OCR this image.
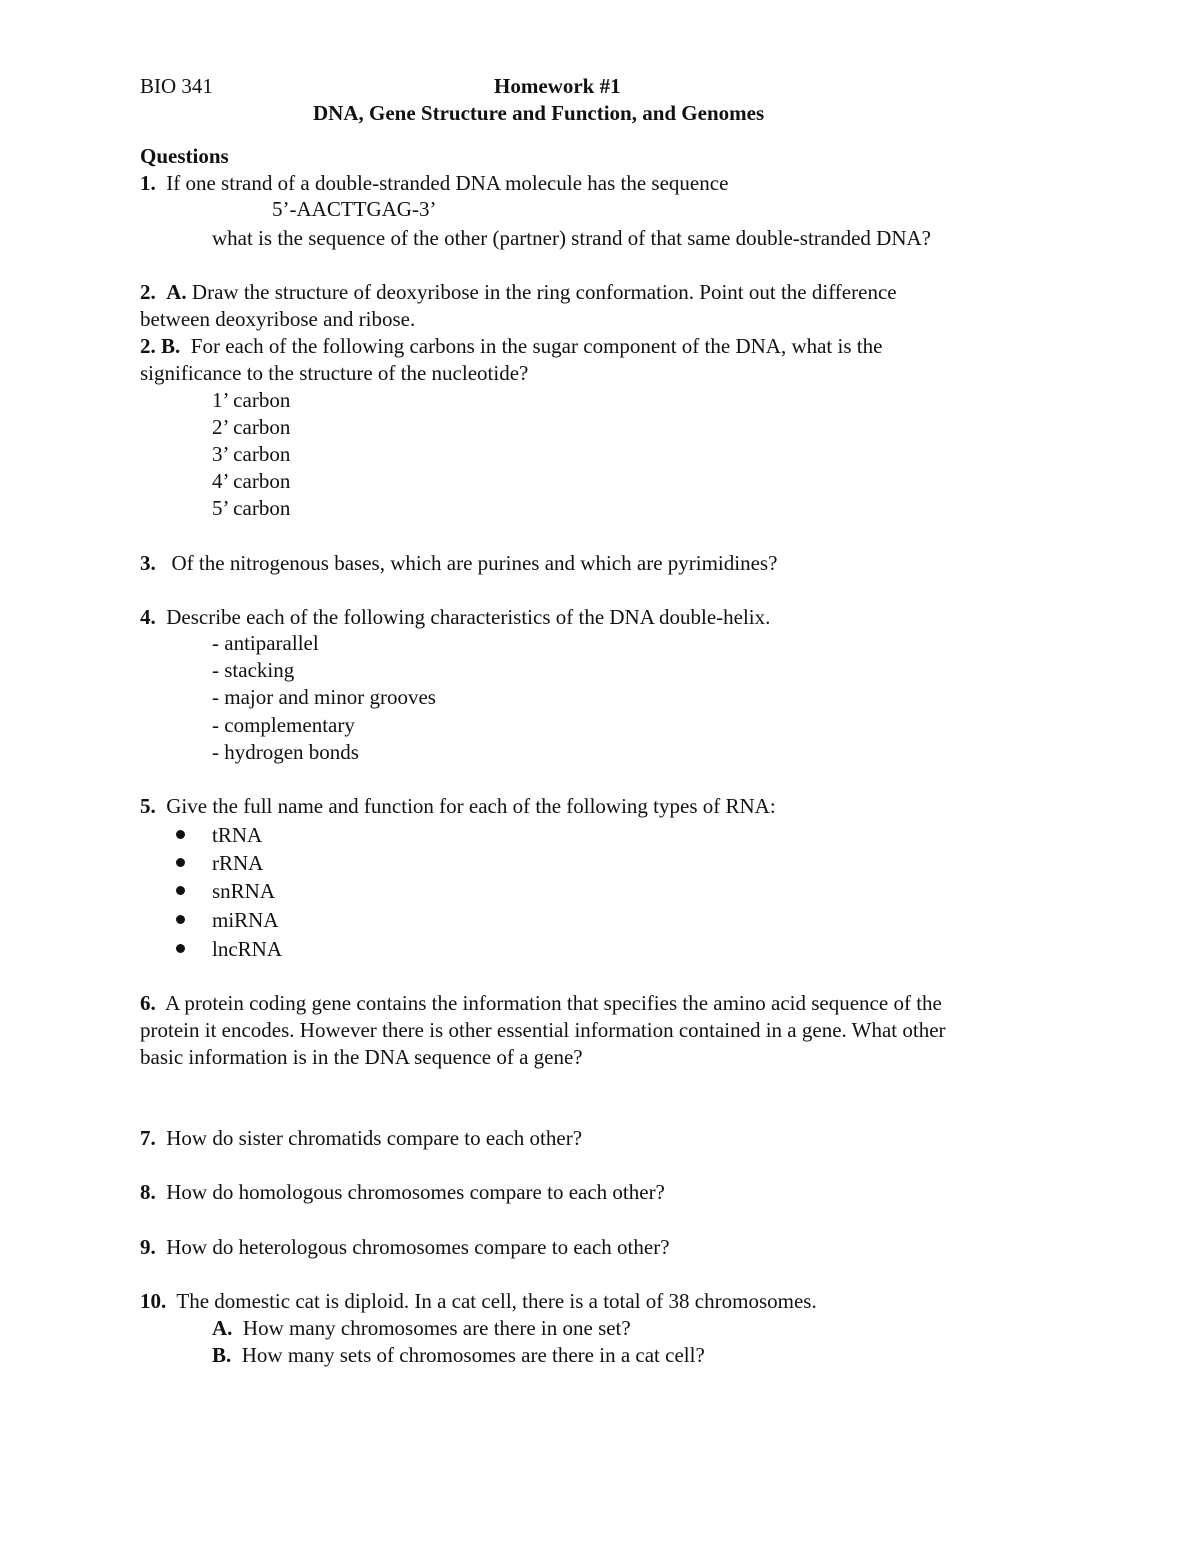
BIO 341	Homework #1
DNA, Gene Structure and Function, and Genomes
Questions
1. If one strand of a double-stranded DNA molecule has the sequence
5’-AACTTGAG-3’
what is the sequence of the other (partner) strand of that same double-stranded DNA?
2. A. Draw the structure of deoxyribose in the ring conformation. Point out the difference
between deoxyribose and ribose.
2. B. For each of the following carbons in the sugar component of the DNA, what is the
significance to the structure of the nucleotide?
1’ carbon
2’ carbon
3’ carbon
4’ carbon
5’ carbon
3. Of the nitrogenous bases, which are purines and which are pyrimidines?
4. Describe each of the following characteristics of the DNA double-helix.
- antiparallel
- stacking
- major and minor grooves
- complementary
- hydrogen bonds
5. Give the full name and function for each of the following types of RNA:
tRNA
rRNA
snRNA
miRNA
lncRNA
6. A protein coding gene contains the information that specifies the amino acid sequence of the
protein it encodes. However there is other essential information contained in a gene. What other
basic information is in the DNA sequence of a gene?
7. How do sister chromatids compare to each other?
8. How do homologous chromosomes compare to each other?
9. How do heterologous chromosomes compare to each other?
10. The domestic cat is diploid. In a cat cell, there is a total of 38 chromosomes.
A. How many chromosomes are there in one set?
B. How many sets of chromosomes are there in a cat cell?
